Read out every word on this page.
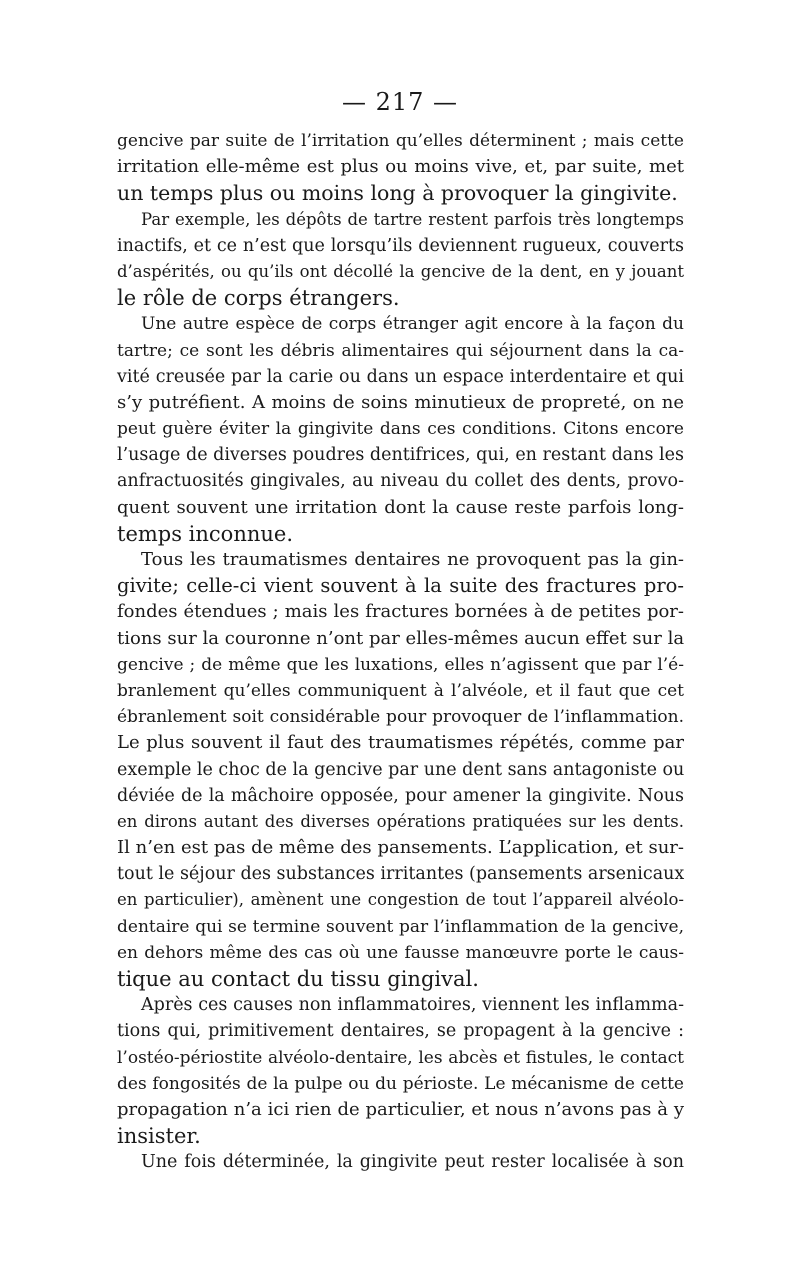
— 217 —
gencive par suite de l’irritation qu’elles déterminent ; mais cette
irritation elle-même est plus ou moins vive, et, par suite, met
un temps plus ou moins long à provoquer la gingivite.
Par exemple, les dépôts de tartre restent parfois très longtemps
inactifs, et ce n’est que lorsqu’ils deviennent rugueux, couverts
d’aspérités, ou qu’ils ont décollé la gencive de la dent, en y jouant
le rôle de corps étrangers.
Une autre espèce de corps étranger agit encore à la façon du
tartre; ce sont les débris alimentaires qui séjournent dans la ca-
vité creusée par la carie ou dans un espace interdentaire et qui
s’y putréfient. A moins de soins minutieux de propreté, on ne
peut guère éviter la gingivite dans ces conditions. Citons encore
l’usage de diverses poudres dentifrices, qui, en restant dans les
anfractuosités gingivales, au niveau du collet des dents, provo-
quent souvent une irritation dont la cause reste parfois long-
temps inconnue.
Tous les traumatismes dentaires ne provoquent pas la gin-
givite; celle-ci vient souvent à la suite des fractures pro-
fondes étendues ; mais les fractures bornées à de petites por-
tions sur la couronne n’ont par elles-mêmes aucun effet sur la
gencive ; de même que les luxations, elles n’agissent que par l’é-
branlement qu’elles communiquent à l’alvéole, et il faut que cet
ébranlement soit considérable pour provoquer de l’inflammation.
Le plus souvent il faut des traumatismes répétés, comme par
exemple le choc de la gencive par une dent sans antagoniste ou
déviée de la mâchoire opposée, pour amener la gingivite. Nous
en dirons autant des diverses opérations pratiquées sur les dents.
Il n’en est pas de même des pansements. L’application, et sur-
tout le séjour des substances irritantes (pansements arsenicaux
en particulier), amènent une congestion de tout l’appareil alvéolo-
dentaire qui se termine souvent par l’inflammation de la gencive,
en dehors même des cas où une fausse manœuvre porte le caus-
tique au contact du tissu gingival.
Après ces causes non inflammatoires, viennent les inflamma-
tions qui, primitivement dentaires, se propagent à la gencive :
l’ostéo-périostite alvéolo-dentaire, les abcès et fistules, le contact
des fongosités de la pulpe ou du périoste. Le mécanisme de cette
propagation n’a ici rien de particulier, et nous n’avons pas à y
insister.
Une fois déterminée, la gingivite peut rester localisée à son
